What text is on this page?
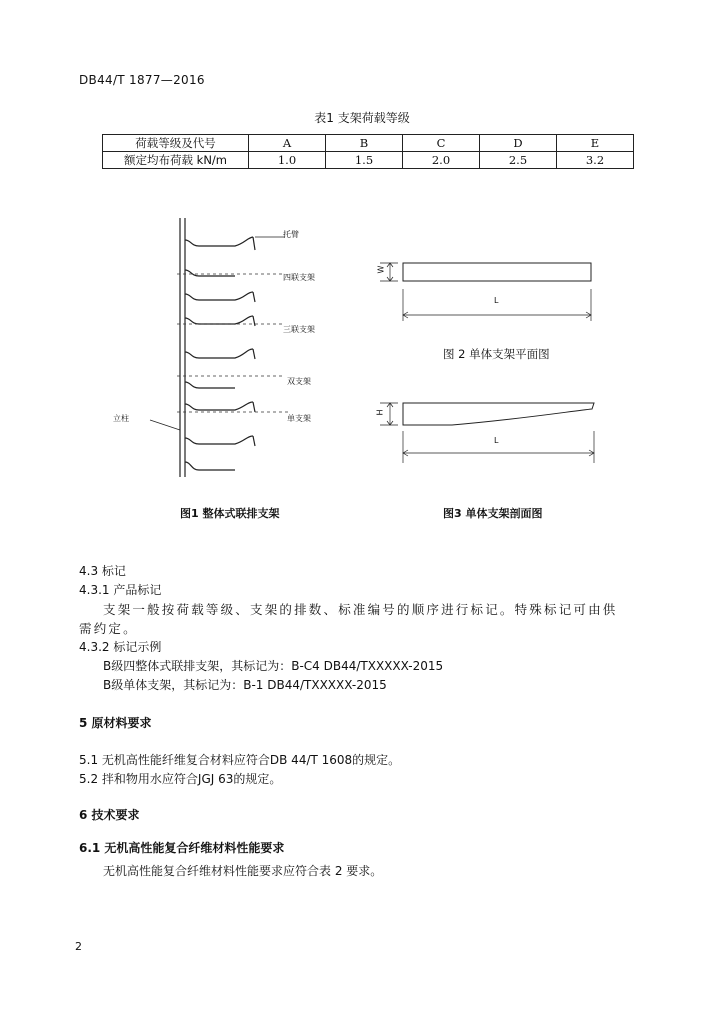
DB44/T 1877—2016
表1 支架荷载等级
荷载等级及代号	A	B	C	D	E
额定均布荷载 kN/m	1.0	1.5	2.0	2.5	3.2
托臂
四联支架
三联支架
双支架
单支架
立柱
W
L
图 2 单体支架平面图
H
L
图1 整体式联排支架	图3 单体支架剖面图
4.3 标记
4.3.1 产品标记
支架一般按荷载等级、支架的排数、标准编号的顺序进行标记。特殊标记可由供
需约定。
4.3.2 标记示例
B级四整体式联排支架，其标记为：B-C4 DB44/TXXXXX-2015
B级单体支架，其标记为：B-1 DB44/TXXXXX-2015
5 原材料要求
5.1 无机高性能纤维复合材料应符合DB 44/T 1608的规定。
5.2 拌和物用水应符合JGJ 63的规定。
6 技术要求
6.1 无机高性能复合纤维材料性能要求
无机高性能复合纤维材料性能要求应符合表 2 要求。
2
